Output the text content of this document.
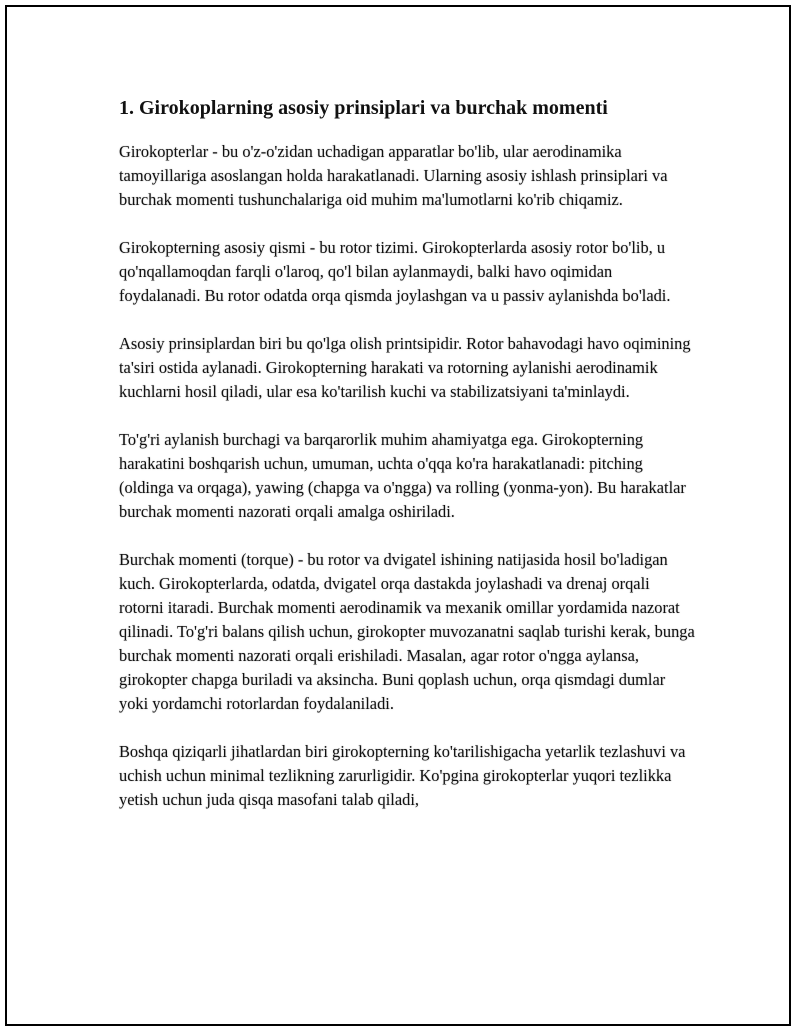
1. Girokoplarning asosiy prinsiplari va burchak momenti

Girokopterlar - bu o'z-o'zidan uchadigan apparatlar bo'lib, ular aerodinamika tamoyillariga asoslangan holda harakatlanadi. Ularning asosiy ishlash prinsiplari va burchak momenti tushunchalariga oid muhim ma'lumotlarni ko'rib chiqamiz.

Girokopterning asosiy qismi - bu rotor tizimi. Girokopterlarda asosiy rotor bo'lib, u qo'nqallamoqdan farqli o'laroq, qo'l bilan aylanmaydi, balki havo oqimidan foydalanadi. Bu rotor odatda orqa qismda joylashgan va u passiv aylanishda bo'ladi.

Asosiy prinsiplardan biri bu qo'lga olish printsipidir. Rotor bahavodagi havo oqimining ta'siri ostida aylanadi. Girokopterning harakati va rotorning aylanishi aerodinamik kuchlarni hosil qiladi, ular esa ko'tarilish kuchi va stabilizatsiyani ta'minlaydi.

To'g'ri aylanish burchagi va barqarorlik muhim ahamiyatga ega. Girokopterning harakatini boshqarish uchun, umuman, uchta o'qqa ko'ra harakatlanadi: pitching (oldinga va orqaga), yawing (chapga va o'ngga) va rolling (yonma-yon). Bu harakatlar burchak momenti nazorati orqali amalga oshiriladi.

Burchak momenti (torque) - bu rotor va dvigatel ishining natijasida hosil bo'ladigan kuch. Girokopterlarda, odatda, dvigatel orqa dastakda joylashadi va drenaj orqali rotorni itaradi. Burchak momenti aerodinamik va mexanik omillar yordamida nazorat qilinadi. To'g'ri balans qilish uchun, girokopter muvozanatni saqlab turishi kerak, bunga burchak momenti nazorati orqali erishiladi. Masalan, agar rotor o'ngga aylansa, girokopter chapga buriladi va aksincha. Buni qoplash uchun, orqa qismdagi dumlar yoki yordamchi rotorlardan foydalaniladi.

Boshqa qiziqarli jihatlardan biri girokopterning ko'tarilishigacha yetarlik tezlashuvi va uchish uchun minimal tezlikning zarurligidir. Ko'pgina girokopterlar yuqori tezlikka yetish uchun juda qisqa masofani talab qiladi,
